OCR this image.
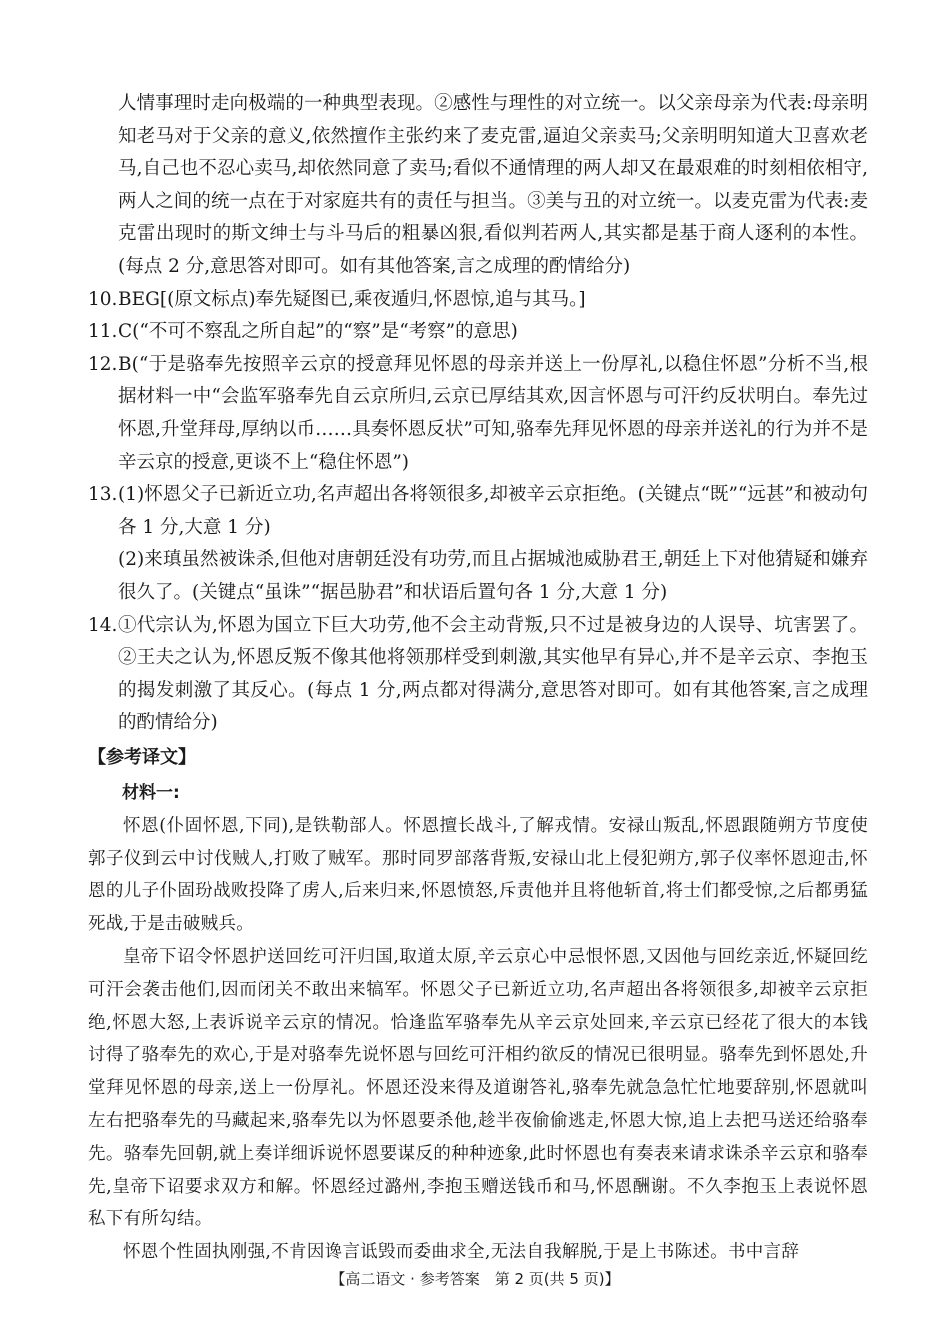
人情事理时走向极端的一种典型表现。②感性与理性的对立统一。以父亲母亲为代表:母亲明知老马对于父亲的意义,依然擅作主张约来了麦克雷,逼迫父亲卖马;父亲明明知道大卫喜欢老马,自己也不忍心卖马,却依然同意了卖马;看似不通情理的两人却又在最艰难的时刻相依相守,两人之间的统一点在于对家庭共有的责任与担当。③美与丑的对立统一。以麦克雷为代表:麦克雷出现时的斯文绅士与斗马后的粗暴凶狠,看似判若两人,其实都是基于商人逐利的本性。(每点 2 分,意思答对即可。如有其他答案,言之成理的酌情给分)

10. BEG[(原文标点)奉先疑图已,乘夜遁归,怀恩惊,追与其马。]
11. C(“不可不察乱之所自起”的“察”是“考察”的意思)
12. B(“于是骆奉先按照辛云京的授意拜见怀恩的母亲并送上一份厚礼,以稳住怀恩”分析不当,根据材料一中“会监军骆奉先自云京所归,云京已厚结其欢,因言怀恩与可汗约反状明白。奉先过怀恩,升堂拜母,厚纳以币……具奏怀恩反状”可知,骆奉先拜见怀恩的母亲并送礼的行为并不是辛云京的授意,更谈不上“稳住怀恩”)
13. (1)怀恩父子已新近立功,名声超出各将领很多,却被辛云京拒绝。(关键点“既”“远甚”和被动句各 1 分,大意 1 分)
(2)来瑱虽然被诛杀,但他对唐朝廷没有功劳,而且占据城池威胁君王,朝廷上下对他猜疑和嫌弃很久了。(关键点“虽诛”“据邑胁君”和状语后置句各 1 分,大意 1 分)
14. ①代宗认为,怀恩为国立下巨大功劳,他不会主动背叛,只不过是被身边的人误导、坑害罢了。②王夫之认为,怀恩反叛不像其他将领那样受到刺激,其实他早有异心,并不是辛云京、李抱玉的揭发刺激了其反心。(每点 1 分,两点都对得满分,意思答对即可。如有其他答案,言之成理的酌情给分)

【参考译文】

材料一:

怀恩(仆固怀恩,下同),是铁勒部人。怀恩擅长战斗,了解戎情。安禄山叛乱,怀恩跟随朔方节度使郭子仪到云中讨伐贼人,打败了贼军。那时同罗部落背叛,安禄山北上侵犯朔方,郭子仪率怀恩迎击,怀恩的儿子仆固玢战败投降了虏人,后来归来,怀恩愤怒,斥责他并且将他斩首,将士们都受惊,之后都勇猛死战,于是击破贼兵。

皇帝下诏令怀恩护送回纥可汗归国,取道太原,辛云京心中忌恨怀恩,又因他与回纥亲近,怀疑回纥可汗会袭击他们,因而闭关不敢出来犒军。怀恩父子已新近立功,名声超出各将领很多,却被辛云京拒绝,怀恩大怒,上表诉说辛云京的情况。恰逢监军骆奉先从辛云京处回来,辛云京已经花了很大的本钱讨得了骆奉先的欢心,于是对骆奉先说怀恩与回纥可汗相约欲反的情况已很明显。骆奉先到怀恩处,升堂拜见怀恩的母亲,送上一份厚礼。怀恩还没来得及道谢答礼,骆奉先就急急忙忙地要辞别,怀恩就叫左右把骆奉先的马藏起来,骆奉先以为怀恩要杀他,趁半夜偷偷逃走,怀恩大惊,追上去把马送还给骆奉先。骆奉先回朝,就上奏详细诉说怀恩要谋反的种种迹象,此时怀恩也有奏表来请求诛杀辛云京和骆奉先,皇帝下诏要求双方和解。怀恩经过潞州,李抱玉赠送钱币和马,怀恩酬谢。不久李抱玉上表说怀恩私下有所勾结。

怀恩个性固执刚强,不肯因谗言诋毁而委曲求全,无法自我解脱,于是上书陈述。书中言辞

【高二语文 · 参考答案　第 2 页(共 5 页)】
